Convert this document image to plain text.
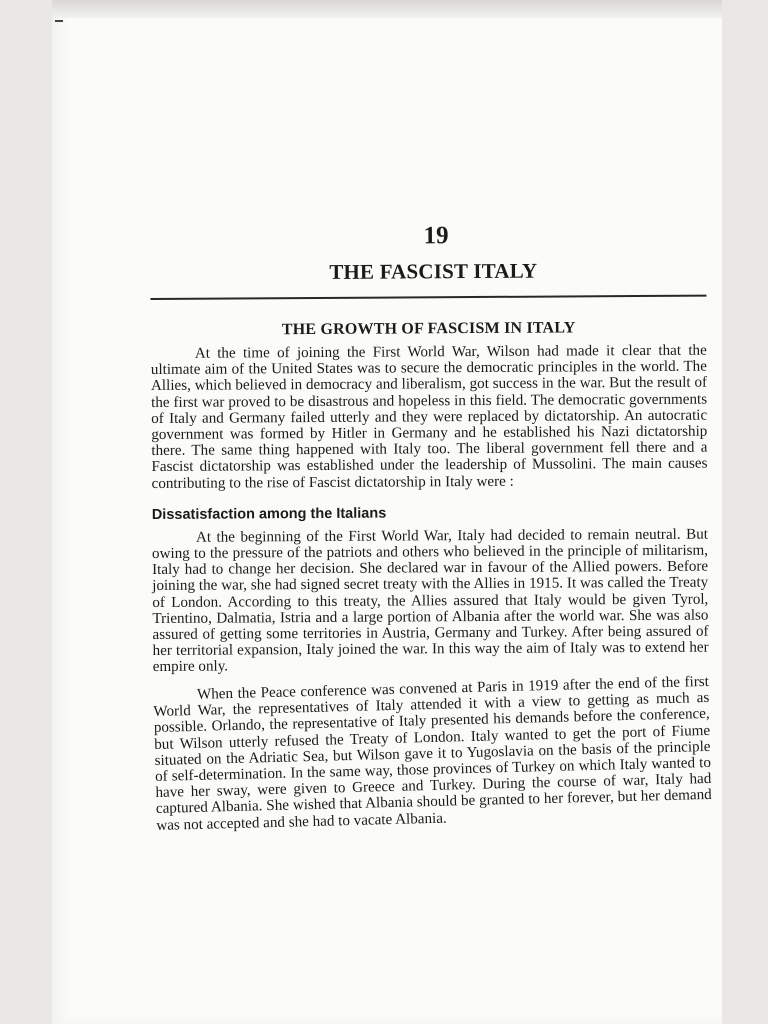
19
THE FASCIST ITALY
THE GROWTH OF FASCISM IN ITALY

At the time of joining the First World War, Wilson had made it clear that the ultimate aim of the United States was to secure the democratic principles in the world. The Allies, which believed in democracy and liberalism, got success in the war. But the result of the first war proved to be disastrous and hopeless in this field. The democratic governments of Italy and Germany failed utterly and they were replaced by dictatorship. An autocratic government was formed by Hitler in Germany and he established his Nazi dictatorship there. The same thing happened with Italy too. The liberal government fell there and a Fascist dictatorship was established under the leadership of Mussolini. The main causes contributing to the rise of Fascist dictatorship in Italy were :

Dissatisfaction among the Italians

At the beginning of the First World War, Italy had decided to remain neutral. But owing to the pressure of the patriots and others who believed in the principle of militarism, Italy had to change her decision. She declared war in favour of the Allied powers. Before joining the war, she had signed secret treaty with the Allies in 1915. It was called the Treaty of London. According to this treaty, the Allies assured that Italy would be given Tyrol, Trientino, Dalmatia, Istria and a large portion of Albania after the world war. She was also assured of getting some territories in Austria, Germany and Turkey. After being assured of her territorial expansion, Italy joined the war. In this way the aim of Italy was to extend her empire only.

When the Peace conference was convened at Paris in 1919 after the end of the first World War, the representatives of Italy attended it with a view to getting as much as possible. Orlando, the representative of Italy presented his demands before the conference, but Wilson utterly refused the Treaty of London. Italy wanted to get the port of Fiume situated on the Adriatic Sea, but Wilson gave it to Yugoslavia on the basis of the principle of self-determination. In the same way, those provinces of Turkey on which Italy wanted to have her sway, were given to Greece and Turkey. During the course of war, Italy had captured Albania. She wished that Albania should be granted to her forever, but her demand was not accepted and she had to vacate Albania.
